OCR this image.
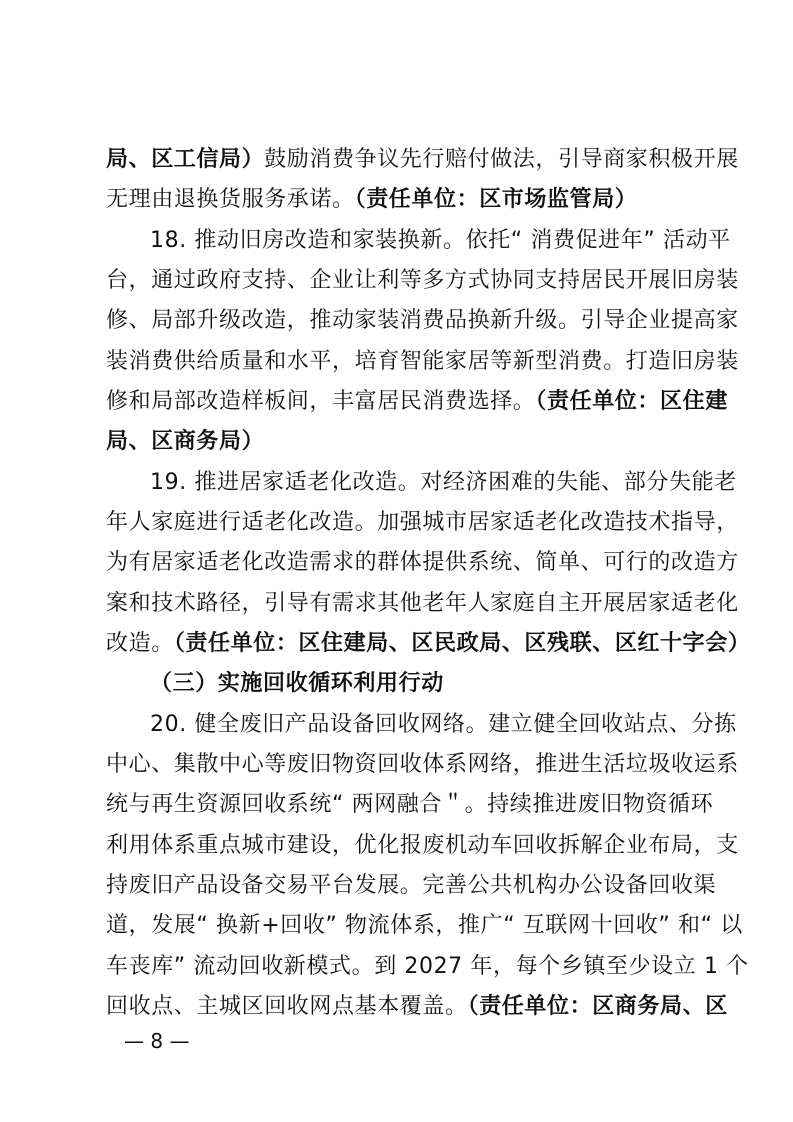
局、区工信局）鼓励消费争议先行赔付做法，引导商家积极开展
无理由退换货服务承诺。（责任单位：区市场监管局）
18. 推动旧房改造和家装换新。依托“ 消费促进年” 活动平
台，通过政府支持、企业让利等多方式协同支持居民开展旧房装
修、局部升级改造，推动家装消费品换新升级。引导企业提高家
装消费供给质量和水平，培育智能家居等新型消费。打造旧房装
修和局部改造样板间，丰富居民消费选择。（责任单位：区住建
局、区商务局）
19. 推进居家适老化改造。对经济困难的失能、部分失能老
年人家庭进行适老化改造。加强城市居家适老化改造技术指导，
为有居家适老化改造需求的群体提供系统、简单、可行的改造方
案和技术路径，引导有需求其他老年人家庭自主开展居家适老化
改造。（责任单位：区住建局、区民政局、区残联、区红十字会）
（三）实施回收循环利用行动
20. 健全废旧产品设备回收网络。建立健全回收站点、分拣
中心、集散中心等废旧物资回收体系网络，推进生活垃圾收运系
统与再生资源回收系统“ 两网融合＂。持续推进废旧物资循环
利用体系重点城市建设，优化报废机动车回收拆解企业布局，支
持废旧产品设备交易平台发展。完善公共机构办公设备回收渠
道，发展“ 换新+回收” 物流体系，推广“ 互联网十回收” 和“ 以
车丧库” 流动回收新模式。到 2027 年，每个乡镇至少设立 1 个
回收点、主城区回收网点基本覆盖。（责任单位：区商务局、区
— 8 —
